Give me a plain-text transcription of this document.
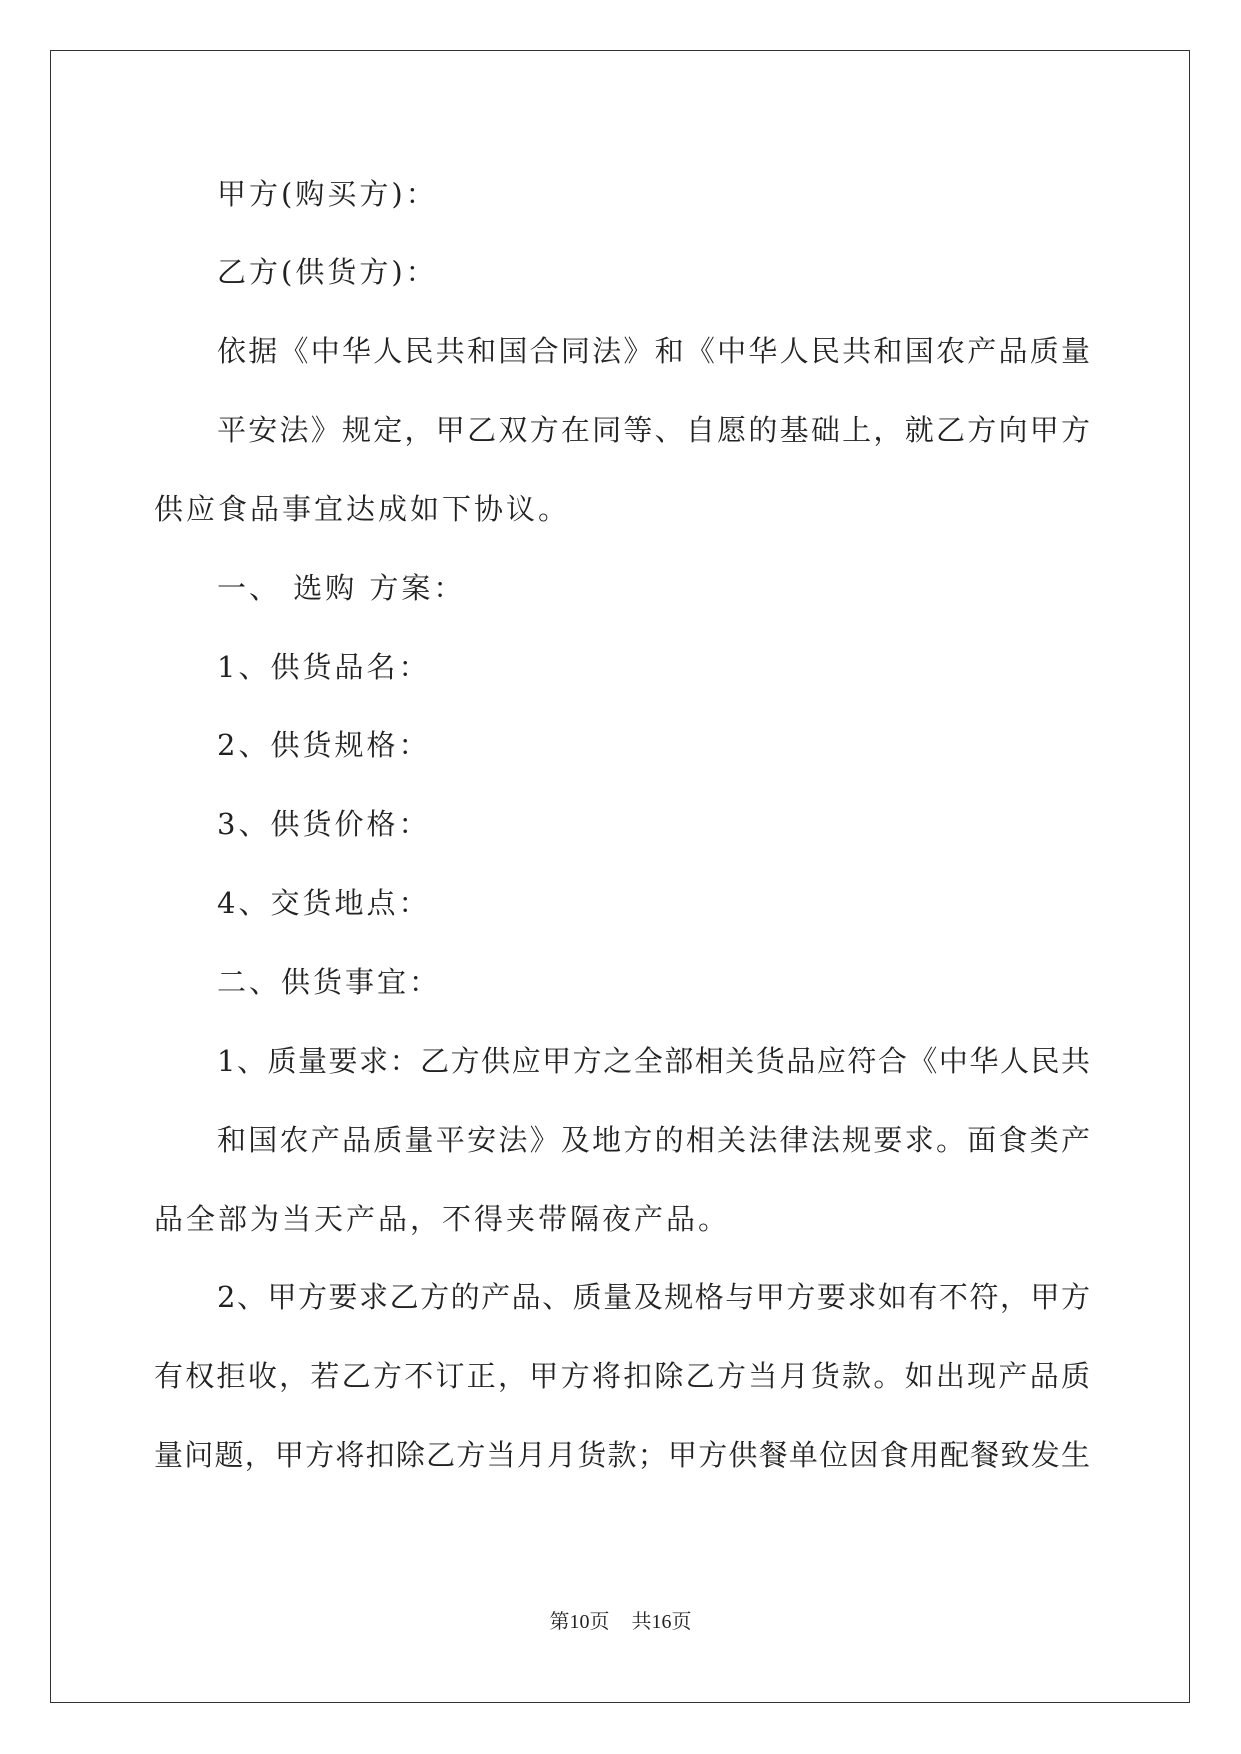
甲方(购买方)：
乙方(供货方)：
依据《中华人民共和国合同法》和《中华人民共和国农产品质量
平安法》规定，甲乙双方在同等、自愿的基础上，就乙方向甲方
供应食品事宜达成如下协议。
一、 选购 方案：
1、供货品名：
2、供货规格：
3、供货价格：
4、交货地点：
二、供货事宜：
1、质量要求：乙方供应甲方之全部相关货品应符合《中华人民共
和国农产品质量平安法》及地方的相关法律法规要求。面食类产
品全部为当天产品，不得夹带隔夜产品。
2、甲方要求乙方的产品、质量及规格与甲方要求如有不符，甲方
有权拒收，若乙方不订正，甲方将扣除乙方当月货款。如出现产品质
量问题，甲方将扣除乙方当月月货款；甲方供餐单位因食用配餐致发生
第10页 共16页
